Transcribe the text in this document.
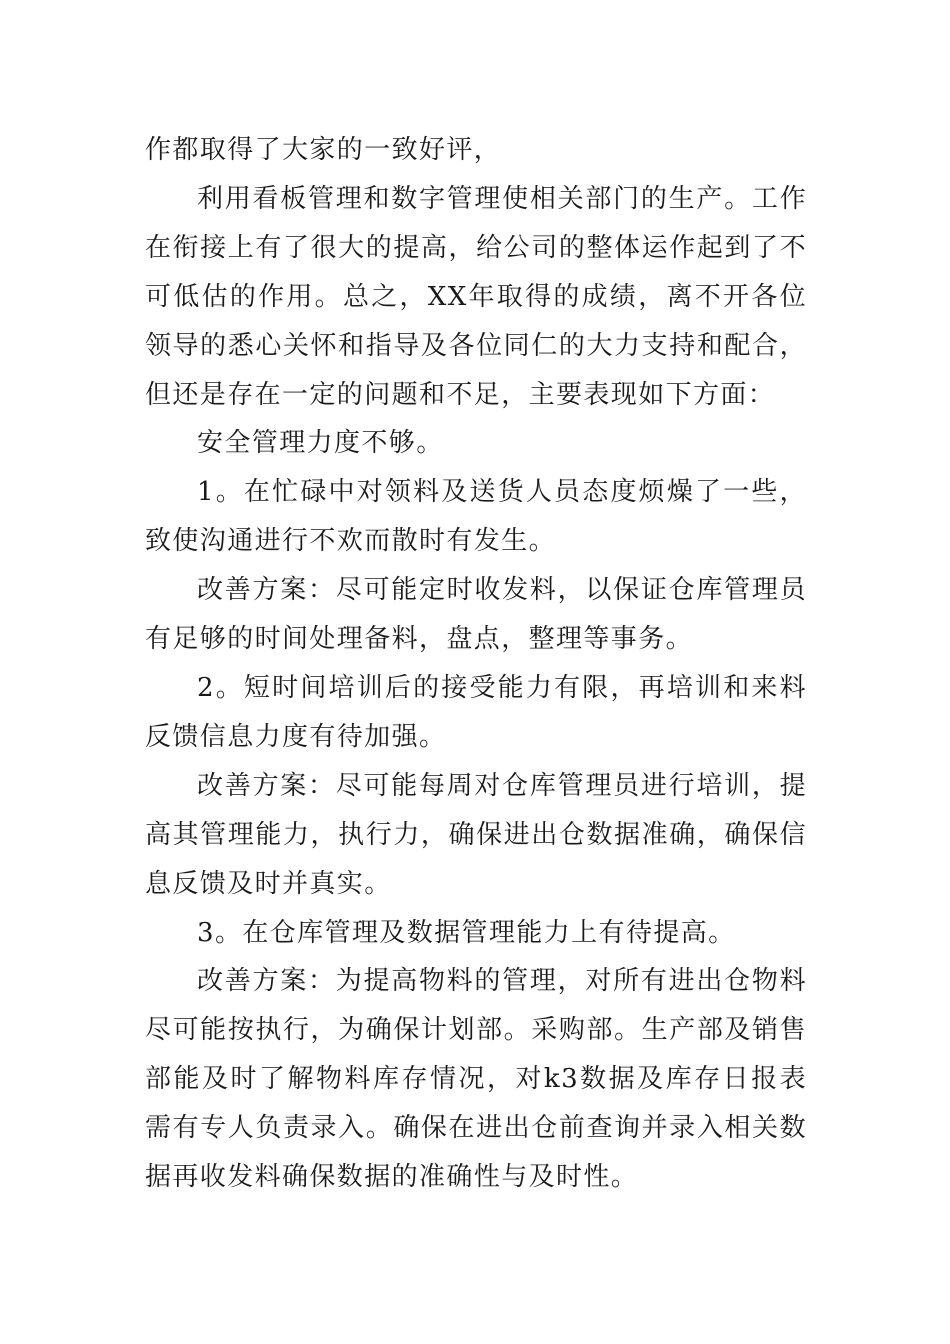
作都取得了大家的一致好评，

利用看板管理和数字管理使相关部门的生产。工作在衔接上有了很大的提高，给公司的整体运作起到了不可低估的作用。总之，XX年取得的成绩，离不开各位领导的悉心关怀和指导及各位同仁的大力支持和配合，但还是存在一定的问题和不足，主要表现如下方面：

安全管理力度不够。

1。在忙碌中对领料及送货人员态度烦燥了一些，致使沟通进行不欢而散时有发生。

改善方案：尽可能定时收发料，以保证仓库管理员有足够的时间处理备料，盘点，整理等事务。

2。短时间培训后的接受能力有限，再培训和来料反馈信息力度有待加强。

改善方案：尽可能每周对仓库管理员进行培训，提高其管理能力，执行力，确保进出仓数据准确，确保信息反馈及时并真实。

3。在仓库管理及数据管理能力上有待提高。

改善方案：为提高物料的管理，对所有进出仓物料尽可能按执行，为确保计划部。采购部。生产部及销售部能及时了解物料库存情况，对k3数据及库存日报表需有专人负责录入。确保在进出仓前查询并录入相关数据再收发料确保数据的准确性与及时性。
